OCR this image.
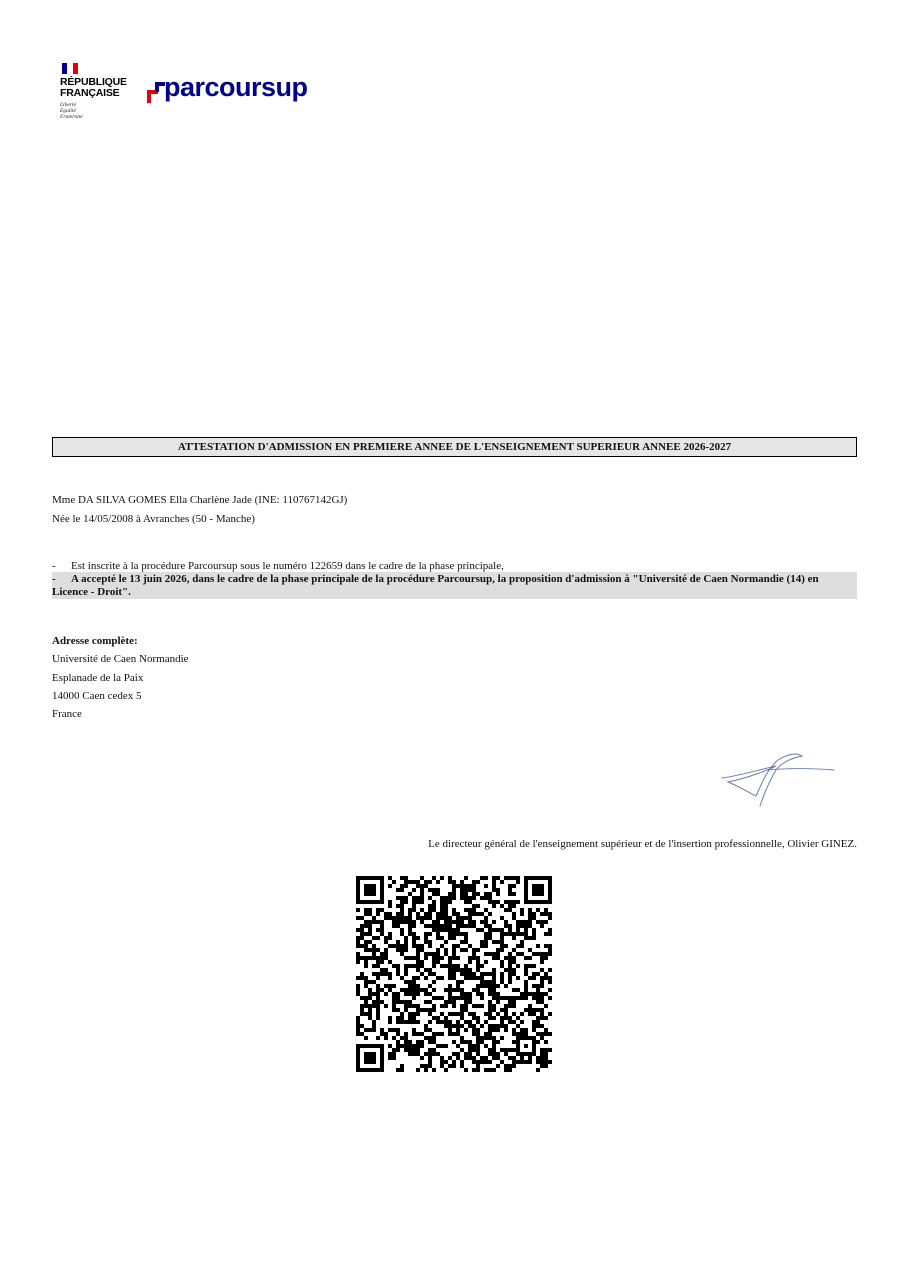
RÉPUBLIQUE
FRANÇAISE
Liberté
Égalité
Fraternité
parcoursup
ATTESTATION D'ADMISSION EN PREMIERE ANNEE DE L'ENSEIGNEMENT SUPERIEUR ANNEE 2026-2027
Mme DA SILVA GOMES Ella Charlène Jade (INE: 110767142GJ)
Née le 14/05/2008 à Avranches (50 - Manche)
- Est inscrite à la procédure Parcoursup sous le numéro 122659 dans le cadre de la phase principale,
- A accepté le 13 juin 2026, dans le cadre de la phase principale de la procédure Parcoursup, la proposition d'admission à "Université de Caen Normandie (14) en Licence - Droit".
Adresse complète:
Université de Caen Normandie
Esplanade de la Paix
14000 Caen cedex 5
France
Le directeur général de l'enseignement supérieur et de l'insertion professionnelle, Olivier GINEZ.
